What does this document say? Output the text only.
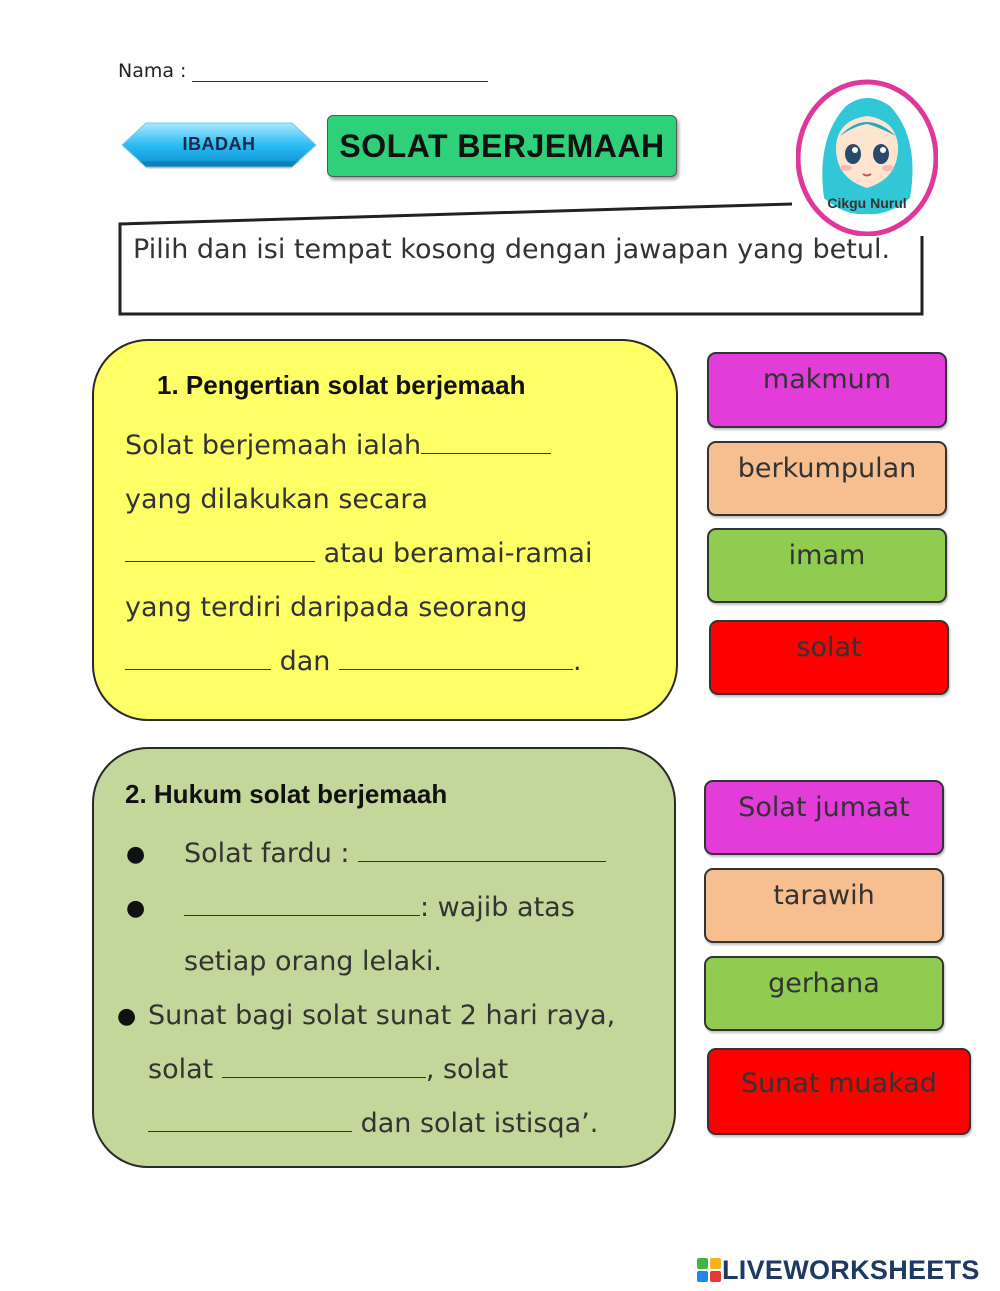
Nama :
IBADAH	SOLAT BERJEMAAH
Cikgu Nurul
Pilih dan isi tempat kosong dengan jawapan yang betul.
1. Pengertian solat berjemaah
Solat berjemaah ialah
yang dilakukan secara
atau beramai-ramai
yang terdiri daripada seorang
dan	.
makmum
berkumpulan
imam
solat
2. Hukum solat berjemaah
● Solat fardu :
●	: wajib atas
setiap orang lelaki.
● Sunat bagi solat sunat 2 hari raya,
solat	, solat
dan solat istisqa’.
Solat jumaat
tarawih
gerhana
Sunat muakad
LIVEWORKSHEETS
